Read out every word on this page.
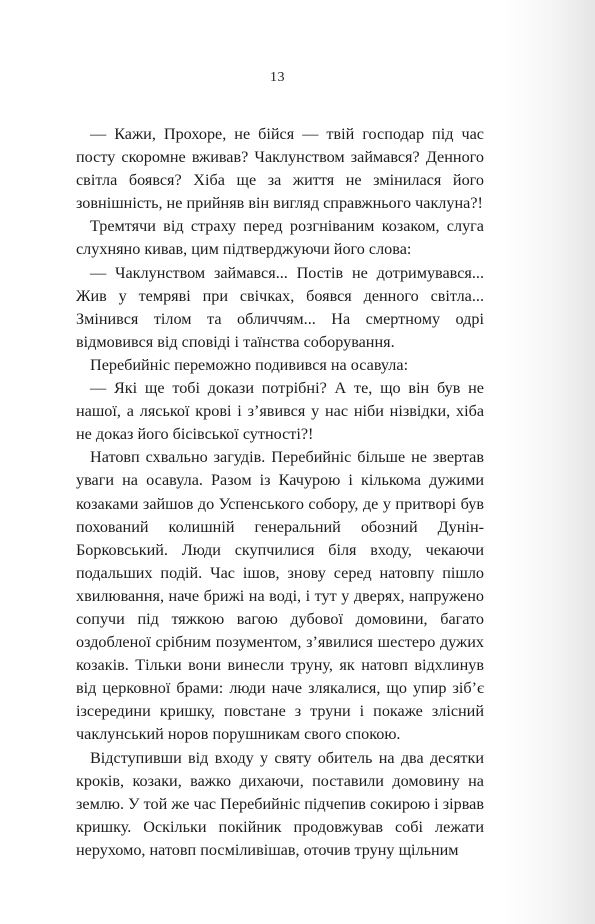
13

— Кажи, Прохоре, не бійся — твій господар під час посту скоромне вживав? Чаклунством займався? Денного світла боявся? Хіба ще за життя не змінилася його зовнішність, не прийняв він вигляд справжнього чаклуна?!

Тремтячи від страху перед розгніваним козаком, слуга слухняно кивав, цим підтверджуючи його слова:

— Чаклунством займався... Постів не дотримувався... Жив у темряві при свічках, боявся денного світла... Змінився тілом та обличчям... На смертному одрі відмовився від сповіді і таїнства соборування.

Перебийніс переможно подивився на осавула:

— Які ще тобі докази потрібні? А те, що він був не нашої, а ляської крові і з’явився у нас ніби нізвідки, хіба не доказ його бісівської сутності?!

Натовп схвально загудів. Перебийніс більше не звертав уваги на осавула. Разом із Качурою і кількома дужими козаками зайшов до Успенського собору, де у притворі був похований колишній генеральний обозний Дунін-Борковський. Люди скупчилися біля входу, чекаючи подальших подій. Час ішов, знову серед натовпу пішло хвилювання, наче брижі на воді, і тут у дверях, напружено сопучи під тяжкою вагою дубової домовини, багато оздобленої срібним позументом, з’явилися шестеро дужих козаків. Тільки вони винесли труну, як натовп відхлинув від церковної брами: люди наче злякалися, що упир зіб’є ізсередини кришку, повстане з труни і покаже злісний чаклунський норов порушникам свого спокою.

Відступивши від входу у святу обитель на два десятки кроків, козаки, важко дихаючи, поставили домовину на землю. У той же час Перебийніс підчепив сокирою і зірвав кришку. Оскільки покійник продовжував собі лежати нерухомо, натовп посміливішав, оточив труну щільним
